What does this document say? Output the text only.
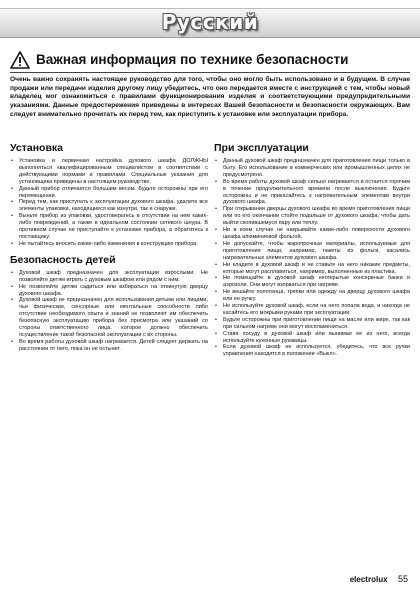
Русский
Важная информация по технике безопасности
Очень важно сохранять настоящее руководство для того, чтобы оно могло быть использовано и в будущем. В случае продажи или передачи изделия другому лицу убедитесь, что оно передается вместе с инструкцией с тем, чтобы новый владелец мог ознакомиться с правилами функционирования изделия и соответствующими предупредительными указаниями. Данные предостережения приведены в интересах Вашей безопасности и безопасности окружающих. Вам следует внимательно прочитать их перед тем, как приступить к установке или эксплуатации прибора.
Установка
• Установка и первичная настройка духового шкафа ДОЛЖНЫ выполняться квалифицированным специалистом в соответствии с действующими нормами и правилами. Специальные указания для установщика приведены в настоящем руководстве.
• Данный прибор отличается большим весом. Будьте осторожны при его перемещении.
• Перед тем, как приступать к эксплуатации духового шкафа, удалите все элементы упаковки, находящиеся как изнутри, так и снаружи.
• Выньте прибор из упаковки, удостоверьтесь в отсутствии на нем каких-либо повреждений, а также в идеальном состоянии сетевого шнура. В противном случае не приступайте к установке прибора, а обратитесь к поставщику.
• Не пытайтесь вносить какие-либо изменения в конструкцию прибора.
Безопасность детей
• Духовой шкаф предназначен для эксплуатации взрослыми. Не позволяйте детям играть с духовым шкафом или рядом с ним.
• Не позволяйте детям садиться или взбираться на откинутую дверцу духового шкафа.
• Духовой шкаф не предназначен для использования детьми или лицами, чьи физические, сенсорные или ментальные способности либо отсутствие необходимого опыта и знаний не позволяют им обеспечить безопасную эксплуатацию прибора без присмотра или указаний со стороны ответственного лица, которое должно обеспечить осуществление такой безопасной эксплуатации с их стороны.
• Во время работы духовой шкаф нагревается. Детей следует держать на расстоянии от него, пока он не остынет.
При эксплуатации
• Данный духовой шкаф предназначен для приготовления пищи только в быту. Его использование в коммерческих или промышленных целях не предусмотрено.
• Во время работы духовой шкаф сильно нагревается и остается горячим в течение продолжительного времени после выключения. Будьте осторожны и не прикасайтесь к нагревательным элементам внутри духового шкафа.
• При открывании дверцы духового шкафа во время приготовления пищи или по его окончании стойте подальше от духового шкафа, чтобы дать выйти скопившемуся пару или теплу.
• Ни в коем случае не накрывайте какие-либо поверхности духового шкафа алюминиевой фольгой.
• Не допускайте, чтобы жаропрочные материалы, используемые для приготовления пищи, например, пакеты из фольги, касались нагревательных элементов духового шкафа.
• Ни кладите в духовой шкаф и не ставьте на него никакие предметы, которые могут расплавиться, например, выполненные из пластика.
• Не помещайте в духовой шкаф неоткрытые консервные банки и аэрозоли. Они могут взорваться при нагреве.
• Не вешайте полотенца, тряпки или одежду на дверцу духового шкафа или ее ручку.
• Не используйте духовой шкаф, если на него попала вода, и никогда не касайтесь его мокрыми руками при эксплуатации.
• Будьте осторожны при приготовлении пищи на масле или жире, так как при сильном нагреве они могут воспламениться.
• Ставя посуду в духовой шкаф или вынимая ее из него, всегда используйте кухонные рукавицы.
• Если духовой шкаф не используется, убедитесь, что все ручки управления находятся в положении «Выкл».
electrolux 55
